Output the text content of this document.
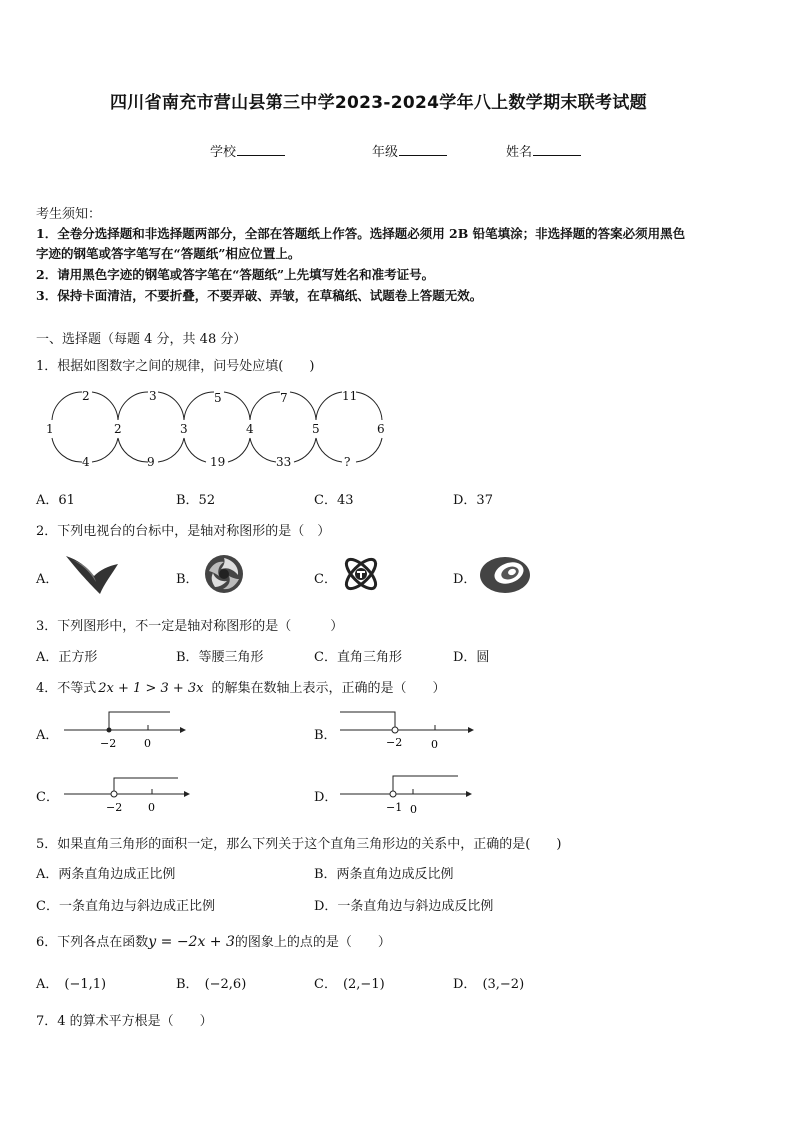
四川省南充市营山县第三中学2023-2024学年八上数学期末联考试题
学校	年级	姓名
考生须知：
1．全卷分选择题和非选择题两部分，全部在答题纸上作答。选择题必须用 2B 铅笔填涂；非选择题的答案必须用黑色
字迹的钢笔或答字笔写在“答题纸”相应位置上。
2．请用黑色字迹的钢笔或答字笔在“答题纸”上先填写姓名和准考证号。
3．保持卡面清洁，不要折叠，不要弄破、弄皱，在草稿纸、试题卷上答题无效。
一、选择题（每题 4 分，共 48 分）
1．根据如图数字之间的规律，问号处应填(　　)
1	2	3	4	5	6
2	3	5	7	11
4	9	19	33	?
A．61	B．52	C．43	D．37
2．下列电视台的台标中，是轴对称图形的是（　）
A．	B．	C．	D．
3．下列图形中，不一定是轴对称图形的是（　　　）
A．正方形	B．等腰三角形	C．直角三角形	D．圆
4．不等式 2x + 1 > 3 + 3x 的解集在数轴上表示，正确的是（　　）
A．
−2	0
B．	−2	0
C．
−2 0
D．
−1 0
5．如果直角三角形的面积一定，那么下列关于这个直角三角形边的关系中，正确的是(　　)
A．两条直角边成正比例	B．两条直角边成反比例
C．一条直角边与斜边成正比例	D．一条直角边与斜边成反比例
6．下列各点在函数y = −2x + 3的图象上的点的是（　　）
A． (−1,1)	B． (−2,6)	C． (2,−1)	D． (3,−2)
7．4 的算术平方根是（　　）
